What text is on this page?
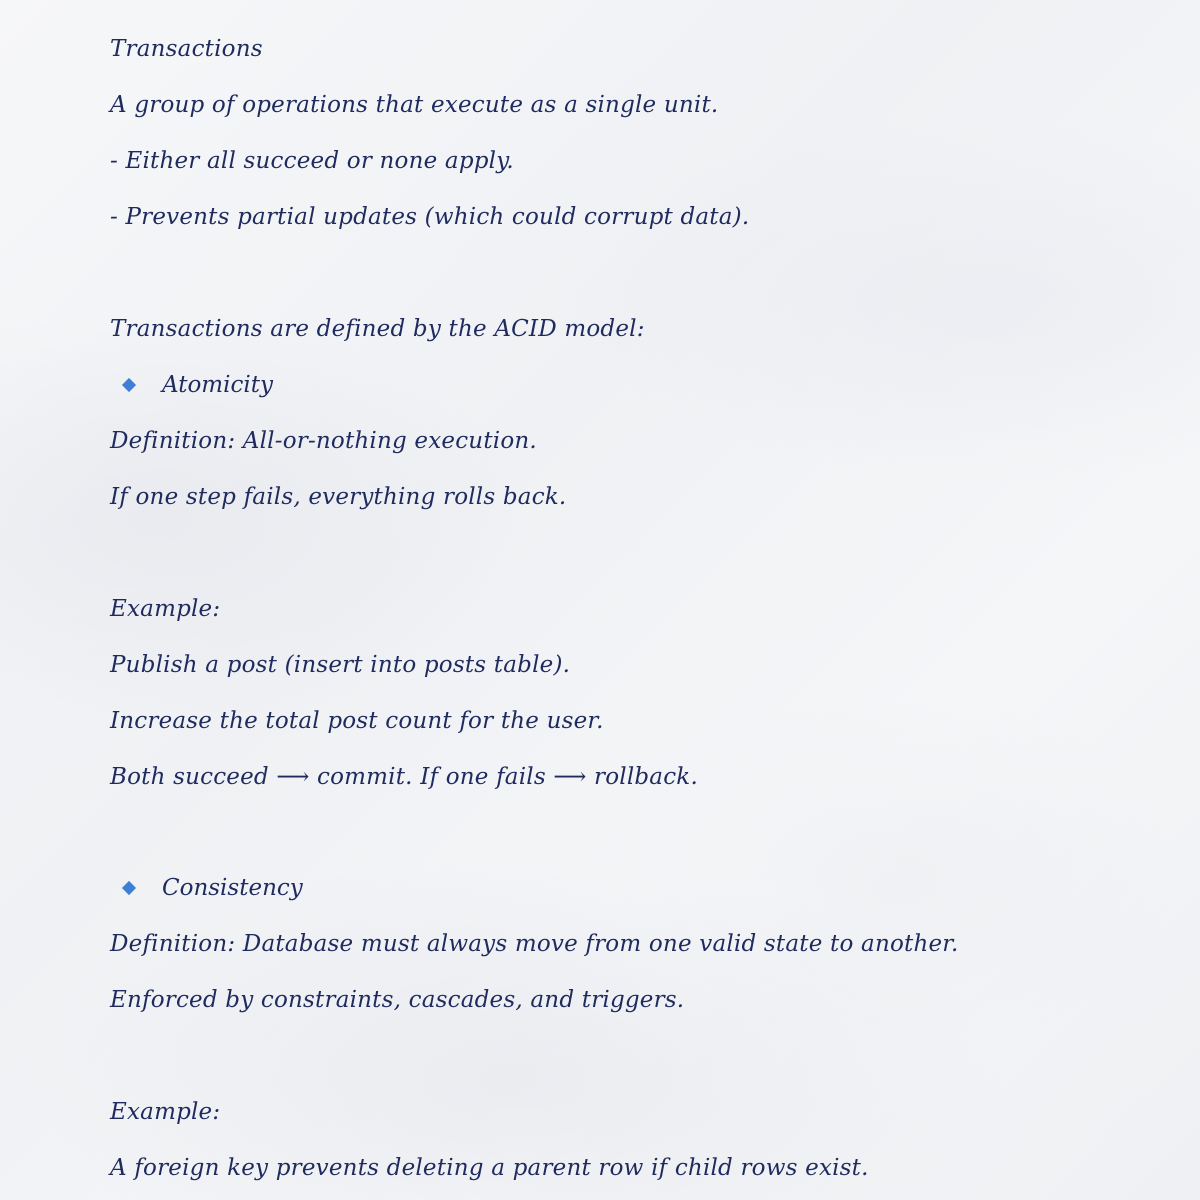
Transactions
A group of operations that execute as a single unit.
- Either all succeed or none apply.
- Prevents partial updates (which could corrupt data).
Transactions are defined by the ACID model:
Atomicity
Definition: All-or-nothing execution.
If one step fails, everything rolls back.
Example:
Publish a post (insert into posts table).
Increase the total post count for the user.
Both succeed ⟶ commit. If one fails ⟶ rollback.
Consistency
Definition: Database must always move from one valid state to another.
Enforced by constraints, cascades, and triggers.
Example:
A foreign key prevents deleting a parent row if child rows exist.
